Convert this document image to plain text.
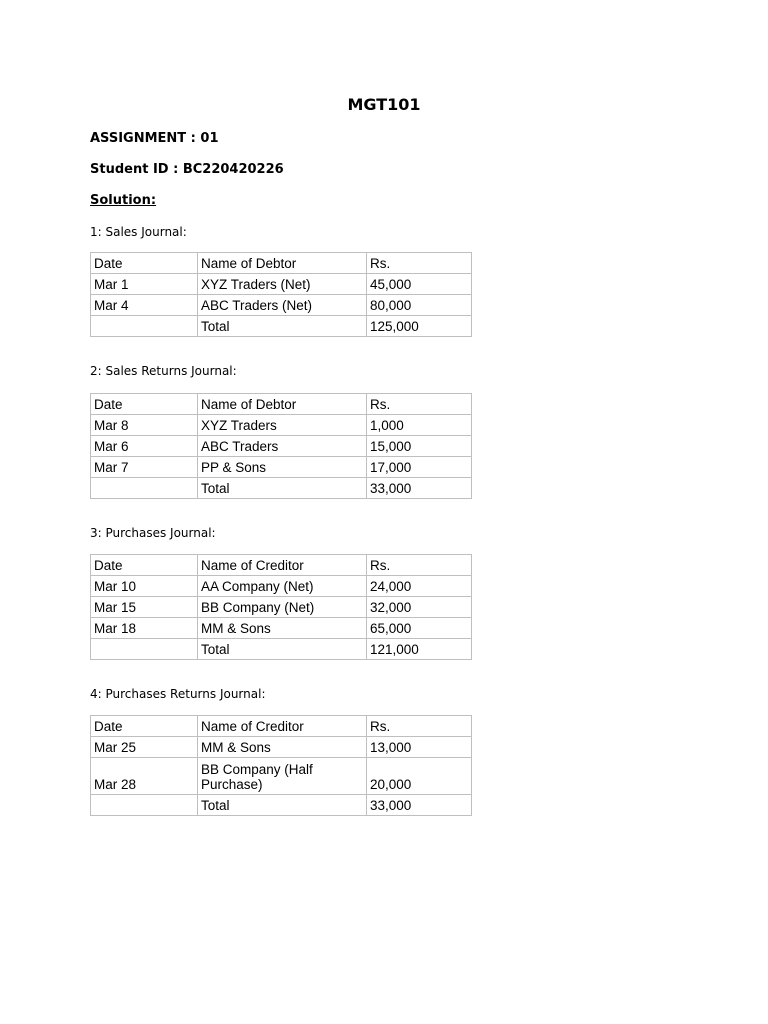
MGT101
ASSIGNMENT : 01
Student ID : BC220420226
Solution:
1: Sales Journal:
Date	Name of Debtor	Rs.
Mar 1	XYZ Traders (Net)	45,000
Mar 4	ABC Traders (Net)	80,000
	Total	125,000
2: Sales Returns Journal:
Date	Name of Debtor	Rs.
Mar 8	XYZ Traders	1,000
Mar 6	ABC Traders	15,000
Mar 7	PP & Sons	17,000
	Total	33,000
3: Purchases Journal:
Date	Name of Creditor	Rs.
Mar 10	AA Company (Net)	24,000
Mar 15	BB Company (Net)	32,000
Mar 18	MM & Sons	65,000
	Total	121,000
4: Purchases Returns Journal:
Date	Name of Creditor	Rs.
Mar 25	MM & Sons	13,000
Mar 28	BB Company (Half Purchase)	20,000
	Total	33,000
